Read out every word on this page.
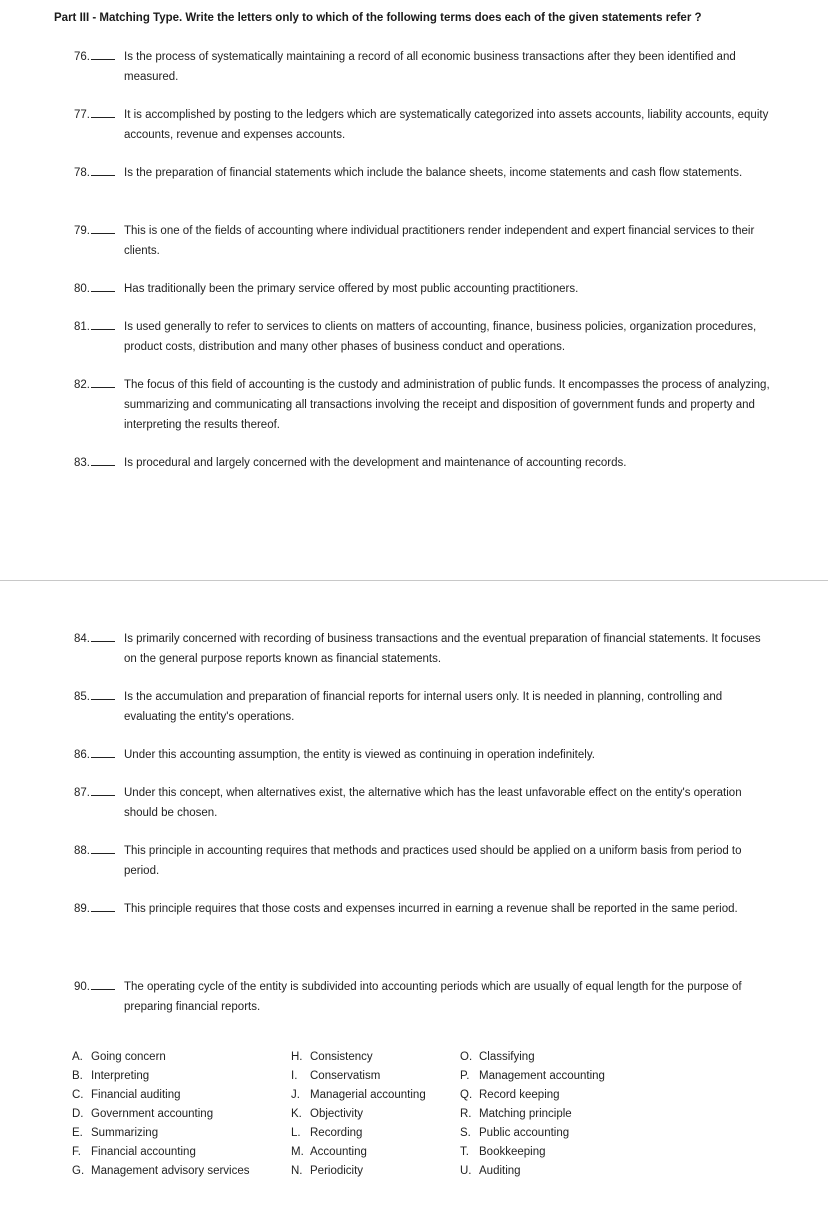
Part III - Matching Type. Write the letters only to which of the following terms does each of the given statements refer ?
76.	Is the process of systematically maintaining a record of all economic business transactions after they been identified and measured.
77.	It is accomplished by posting to the ledgers which are systematically categorized into assets accounts, liability accounts, equity accounts, revenue and expenses accounts.
78.	Is the preparation of financial statements which include the balance sheets, income statements and cash flow statements.
79.	This is one of the fields of accounting where individual practitioners render independent and expert financial services to their clients.
80.	Has traditionally been the primary service offered by most public accounting practitioners.
81.	Is used generally to refer to services to clients on matters of accounting, finance, business policies, organization procedures, product costs, distribution and many other phases of business conduct and operations.
82.	The focus of this field of accounting is the custody and administration of public funds. It encompasses the process of analyzing, summarizing and communicating all transactions involving the receipt and disposition of government funds and property and interpreting the results thereof.
83.	Is procedural and largely concerned with the development and maintenance of accounting records.
84.	Is primarily concerned with recording of business transactions and the eventual preparation of financial statements. It focuses on the general purpose reports known as financial statements.
85.	Is the accumulation and preparation of financial reports for internal users only. It is needed in planning, controlling and evaluating the entity's operations.
86.	Under this accounting assumption, the entity is viewed as continuing in operation indefinitely.
87.	Under this concept, when alternatives exist, the alternative which has the least unfavorable effect on the entity's operation should be chosen.
88.	This principle in accounting requires that methods and practices used should be applied on a uniform basis from period to period.
89.	This principle requires that those costs and expenses incurred in earning a revenue shall be reported in the same period.
90.	The operating cycle of the entity is subdivided into accounting periods which are usually of equal length for the purpose of preparing financial reports.
A. Going concern
B. Interpreting
C. Financial auditing
D. Government accounting
E. Summarizing
F. Financial accounting
G. Management advisory services
H. Consistency
I. Conservatism
J. Managerial accounting
K. Objectivity
L. Recording
M. Accounting
N. Periodicity
O. Classifying
P. Management accounting
Q. Record keeping
R. Matching principle
S. Public accounting
T. Bookkeeping
U. Auditing
